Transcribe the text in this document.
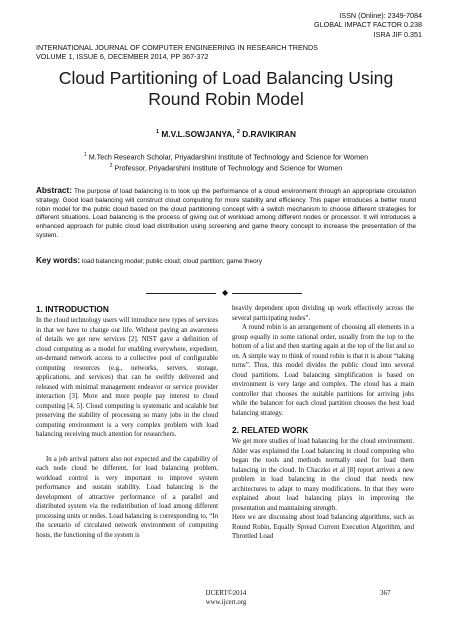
ISSN (Online): 2349-7084
GLOBAL IMPACT FACTOR 0.238
ISRA JIF 0.351
INTERNATIONAL JOURNAL OF COMPUTER ENGINEERING IN RESEARCH TRENDS
VOLUME 1, ISSUE 6, DECEMBER 2014, PP 367-372
Cloud Partitioning of Load Balancing Using
Round Robin Model
$^1$ M.V.L.SOWJANYA, $^2$ D.RAVIKIRAN
$^1$ M.Tech Research Scholar, Priyadarshini Institute of Technology and Science for Women
$^2$ Professor, Priyadarshini Institute of Technology and Science for Women
Abstract: The purpose of load balancing is to look up the performance of a cloud environment through an appropriate circulation strategy. Good load balancing will construct cloud computing for more stability and efficiency. This paper introduces a better round robin model for the public cloud based on the cloud partitioning concept with a switch mechanism to choose different strategies for different situations. Load balancing is the process of giving out of workload among different nodes or processor. It will introduces a enhanced approach for public cloud load distribution using screening and game theory concept to increase the presentation of the system.
Key words: load balancing model; public cloud; cloud partition; game theory
◆
1. INTRODUCTION

In the cloud technology users will introduce new types of services in that we have to change our life. Without paying an awareness of details we get new services [2]. NIST gave a definition of cloud computing as a model for enabling everywhere, expedient, on-demand network access to a collective pool of configurable computing resources (e.g., networks, servers, storage, applications, and services) that can be swiftly delivered and released with minimal management endeavor or service provider interaction [3]. More and more people pay interest to cloud computing [4, 5]. Cloud computing is systematic and scalable but preserving the stability of processing so many jobs in the cloud computing environment is a very complex problem with load balancing receiving much attention for researchers.

In a job arrival pattern also not expected and the capability of each node cloud be different, for load balancing problem, workload control is very important to improve system performance and sustain stability. Load balancing is the development of attractive performance of a parallel and distributed system via the redistribution of load among different processing units or nodes. Load balancing is corresponding to, “In the scenario of circulated network environment of computing hosts, the functioning of the system is

heavily dependent upon dividing up work effectively across the several participating nodes”.

A round robin is an arrangement of choosing all elements in a group equally in some rational order, usually from the top to the bottom of a list and then starting again at the top of the list and so on. A simple way to think of round robin is that it is about “taking turns”. Thus, this model divides the public cloud into several cloud partitions. Load balancing simplification is based on environment is very large and complex. The cloud has a main controller that chooses the suitable partitions for arriving jobs while the balancer for each cloud partition chooses the best load balancing strategy.

2. RELATED WORK

We get more studies of load balancing for the cloud environment. Alder was explained the Load balancing in cloud computing who began the tools and methods normally used for load them balancing in the cloud. In Chaczko et al [8] report arrives a new problem in load balancing in the cloud that needs new architectures to adapt to many modifications. In that they were explained about load balancing plays in improving the presentation and maintaining strength.

Here we are discussing about load balancing algorithms, such as Round Robin, Equally Spread Current Execution Algorithm, and Throttled Load

IJCERT©2014
www.ijcert.org
367
